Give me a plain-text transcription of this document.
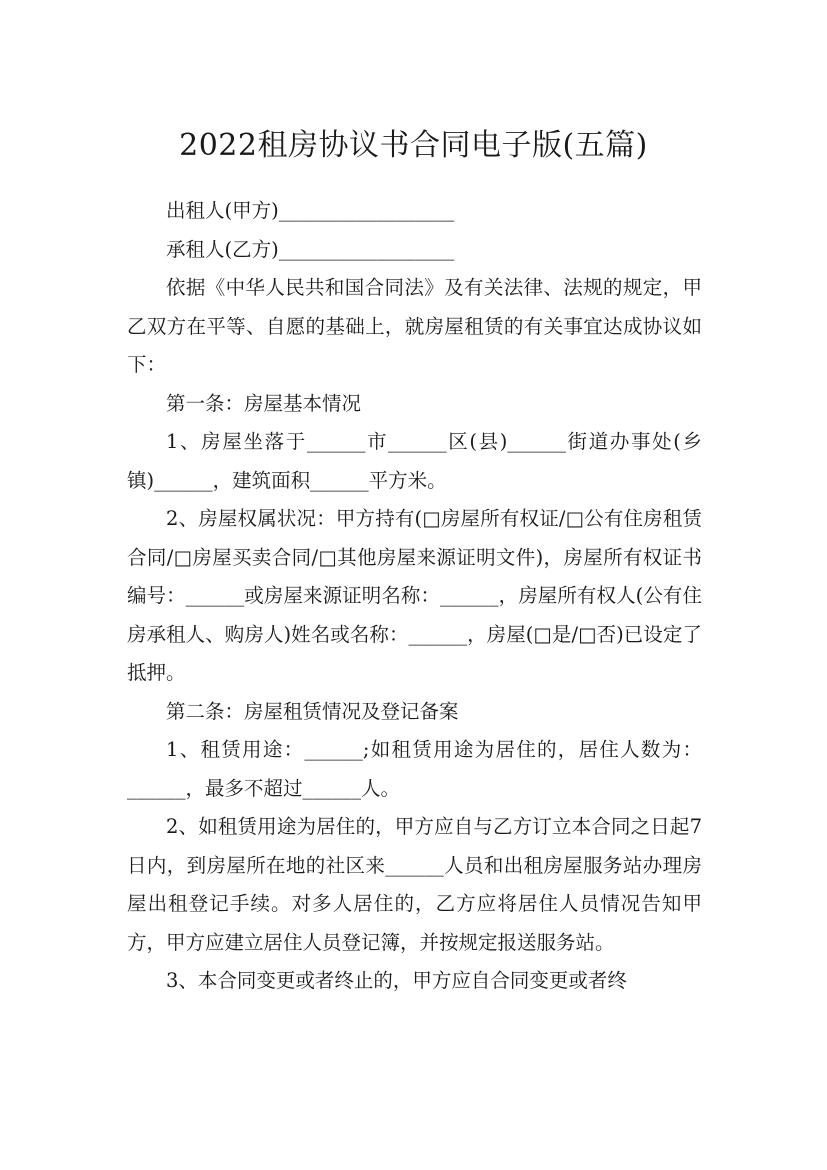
2022租房协议书合同电子版(五篇)

出租人(甲方)__________________

承租人(乙方)__________________

依据《中华人民共和国合同法》及有关法律、法规的规定，甲乙双方在平等、自愿的基础上，就房屋租赁的有关事宜达成协议如下：

第一条：房屋基本情况

1、房屋坐落于______市______区(县)______街道办事处(乡镇)______，建筑面积______平方米。

2、房屋权属状况：甲方持有(□房屋所有权证/□公有住房租赁合同/□房屋买卖合同/□其他房屋来源证明文件)，房屋所有权证书编号：______或房屋来源证明名称：______，房屋所有权人(公有住房承租人、购房人)姓名或名称：______，房屋(□是/□否)已设定了抵押。

第二条：房屋租赁情况及登记备案

1、租赁用途：______;如租赁用途为居住的，居住人数为：______，最多不超过______人。

2、如租赁用途为居住的，甲方应自与乙方订立本合同之日起7日内，到房屋所在地的社区来______人员和出租房屋服务站办理房屋出租登记手续。对多人居住的，乙方应将居住人员情况告知甲方，甲方应建立居住人员登记簿，并按规定报送服务站。

3、本合同变更或者终止的，甲方应自合同变更或者终
